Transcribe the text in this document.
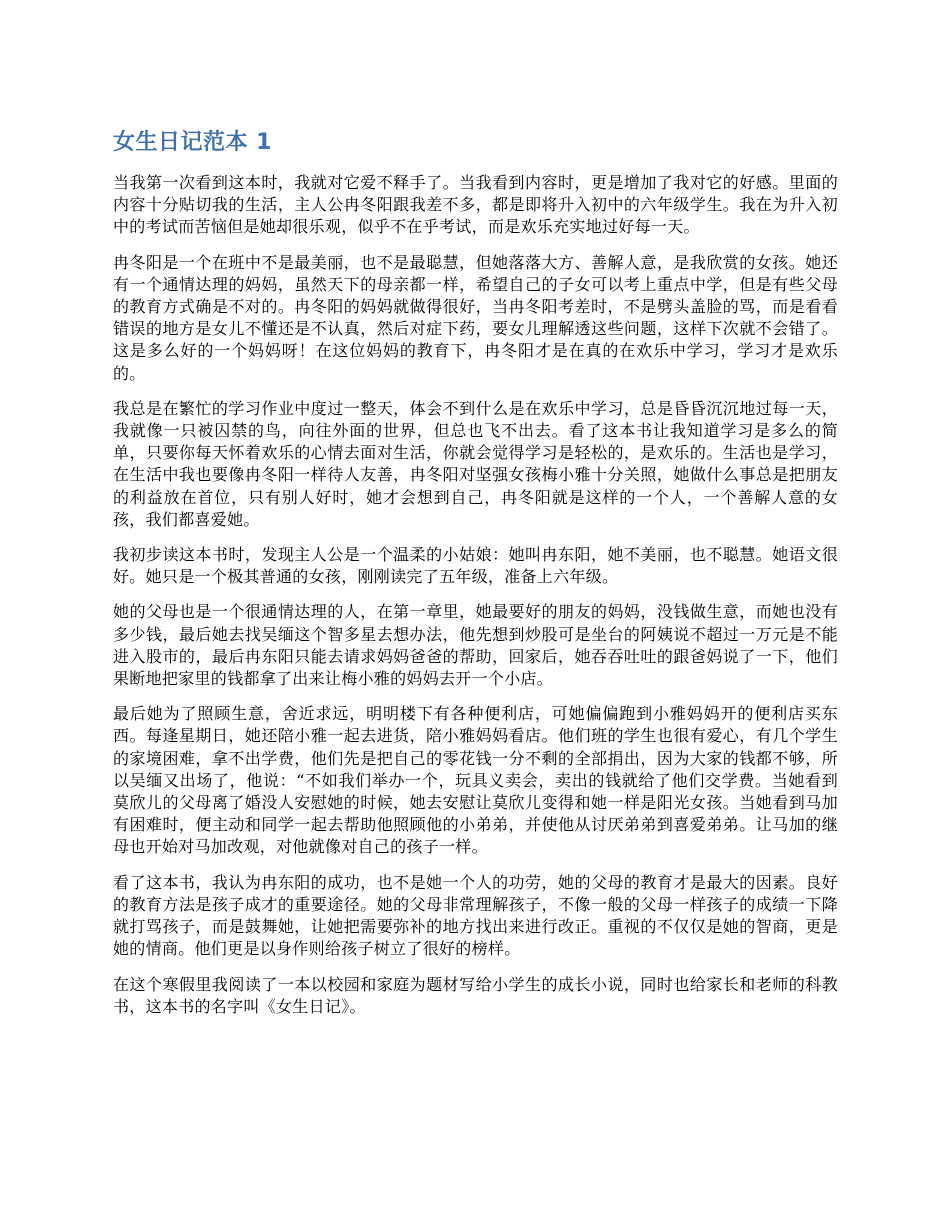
女生日记范本 1

当我第一次看到这本时，我就对它爱不释手了。当我看到内容时，更是增加了我对它的好感。里面的内容十分贴切我的生活，主人公冉冬阳跟我差不多，都是即将升入初中的六年级学生。我在为升入初中的考试而苦恼但是她却很乐观，似乎不在乎考试，而是欢乐充实地过好每一天。

冉冬阳是一个在班中不是最美丽，也不是最聪慧，但她落落大方、善解人意，是我欣赏的女孩。她还有一个通情达理的妈妈，虽然天下的母亲都一样，希望自己的子女可以考上重点中学，但是有些父母的教育方式确是不对的。冉冬阳的妈妈就做得很好，当冉冬阳考差时，不是劈头盖脸的骂，而是看看错误的地方是女儿不懂还是不认真，然后对症下药，要女儿理解透这些问题，这样下次就不会错了。这是多么好的一个妈妈呀！在这位妈妈的教育下，冉冬阳才是在真的在欢乐中学习，学习才是欢乐的。

我总是在繁忙的学习作业中度过一整天，体会不到什么是在欢乐中学习，总是昏昏沉沉地过每一天，我就像一只被囚禁的鸟，向往外面的世界，但总也飞不出去。看了这本书让我知道学习是多么的简单，只要你每天怀着欢乐的心情去面对生活，你就会觉得学习是轻松的，是欢乐的。生活也是学习，在生活中我也要像冉冬阳一样待人友善，冉冬阳对坚强女孩梅小雅十分关照，她做什么事总是把朋友的利益放在首位，只有别人好时，她才会想到自己，冉冬阳就是这样的一个人，一个善解人意的女孩，我们都喜爱她。

我初步读这本书时，发现主人公是一个温柔的小姑娘：她叫冉东阳，她不美丽，也不聪慧。她语文很好。她只是一个极其普通的女孩，刚刚读完了五年级，准备上六年级。

她的父母也是一个很通情达理的人，在第一章里，她最要好的朋友的妈妈，没钱做生意，而她也没有多少钱，最后她去找吴缅这个智多星去想办法，他先想到炒股可是坐台的阿姨说不超过一万元是不能进入股市的，最后冉东阳只能去请求妈妈爸爸的帮助，回家后，她吞吞吐吐的跟爸妈说了一下，他们果断地把家里的钱都拿了出来让梅小雅的妈妈去开一个小店。

最后她为了照顾生意，舍近求远，明明楼下有各种便利店，可她偏偏跑到小雅妈妈开的便利店买东西。每逢星期日，她还陪小雅一起去进货，陪小雅妈妈看店。他们班的学生也很有爱心，有几个学生的家境困难，拿不出学费，他们先是把自己的零花钱一分不剩的全部捐出，因为大家的钱都不够，所以吴缅又出场了，他说：“不如我们举办一个，玩具义卖会，卖出的钱就给了他们交学费。当她看到莫欣儿的父母离了婚没人安慰她的时候，她去安慰让莫欣儿变得和她一样是阳光女孩。当她看到马加有困难时，便主动和同学一起去帮助他照顾他的小弟弟，并使他从讨厌弟弟到喜爱弟弟。让马加的继母也开始对马加改观，对他就像对自己的孩子一样。

看了这本书，我认为冉东阳的成功，也不是她一个人的功劳，她的父母的教育才是最大的因素。良好的教育方法是孩子成才的重要途径。她的父母非常理解孩子，不像一般的父母一样孩子的成绩一下降就打骂孩子，而是鼓舞她，让她把需要弥补的地方找出来进行改正。重视的不仅仅是她的智商，更是她的情商。他们更是以身作则给孩子树立了很好的榜样。

在这个寒假里我阅读了一本以校园和家庭为题材写给小学生的成长小说，同时也给家长和老师的科教书，这本书的名字叫《女生日记》。
